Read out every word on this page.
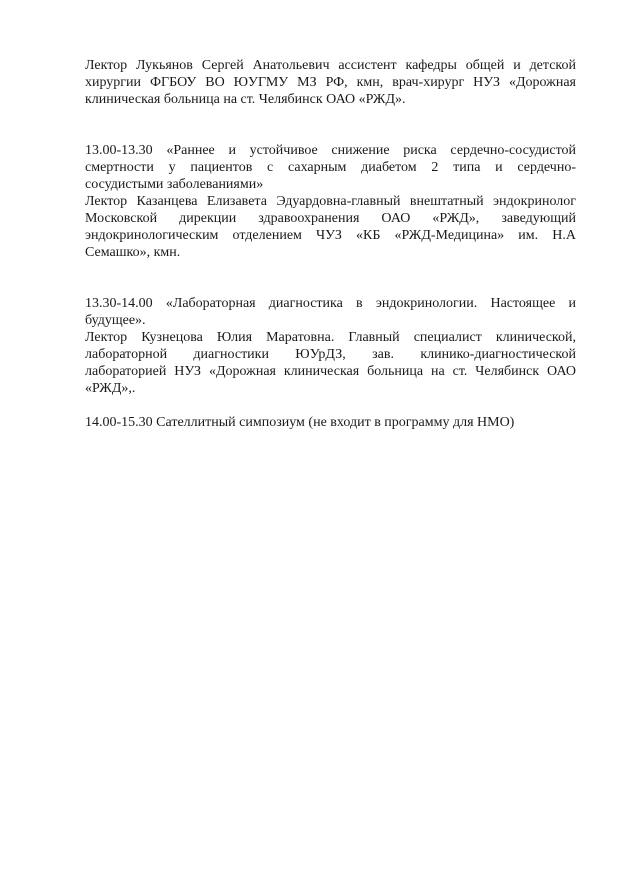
Лектор Лукьянов Сергей Анатольевич ассистент кафедры общей и детской
хирургии ФГБОУ ВО ЮУГМУ МЗ РФ, кмн, врач-хирург НУЗ «Дорожная
клиническая больница на ст. Челябинск ОАО «РЖД».
13.00-13.30 «Раннее и устойчивое снижение риска сердечно-сосудистой
смертности у пациентов с сахарным диабетом 2 типа и сердечно-
сосудистыми заболеваниями»
Лектор Казанцева Елизавета Эдуардовна-главный внештатный эндокринолог
Московской дирекции здравоохранения ОАО «РЖД», заведующий
эндокринологическим отделением ЧУЗ «КБ «РЖД-Медицина» им. Н.А
Семашко», кмн.
13.30-14.00 «Лабораторная диагностика в эндокринологии. Настоящее и
будущее».
Лектор Кузнецова Юлия Маратовна. Главный специалист клинической,
лабораторной диагностики ЮУрДЗ, зав. клинико-диагностической
лабораторией НУЗ «Дорожная клиническая больница на ст. Челябинск ОАО
«РЖД»,.
14.00-15.30 Сателлитный симпозиум (не входит в программу для НМО)
